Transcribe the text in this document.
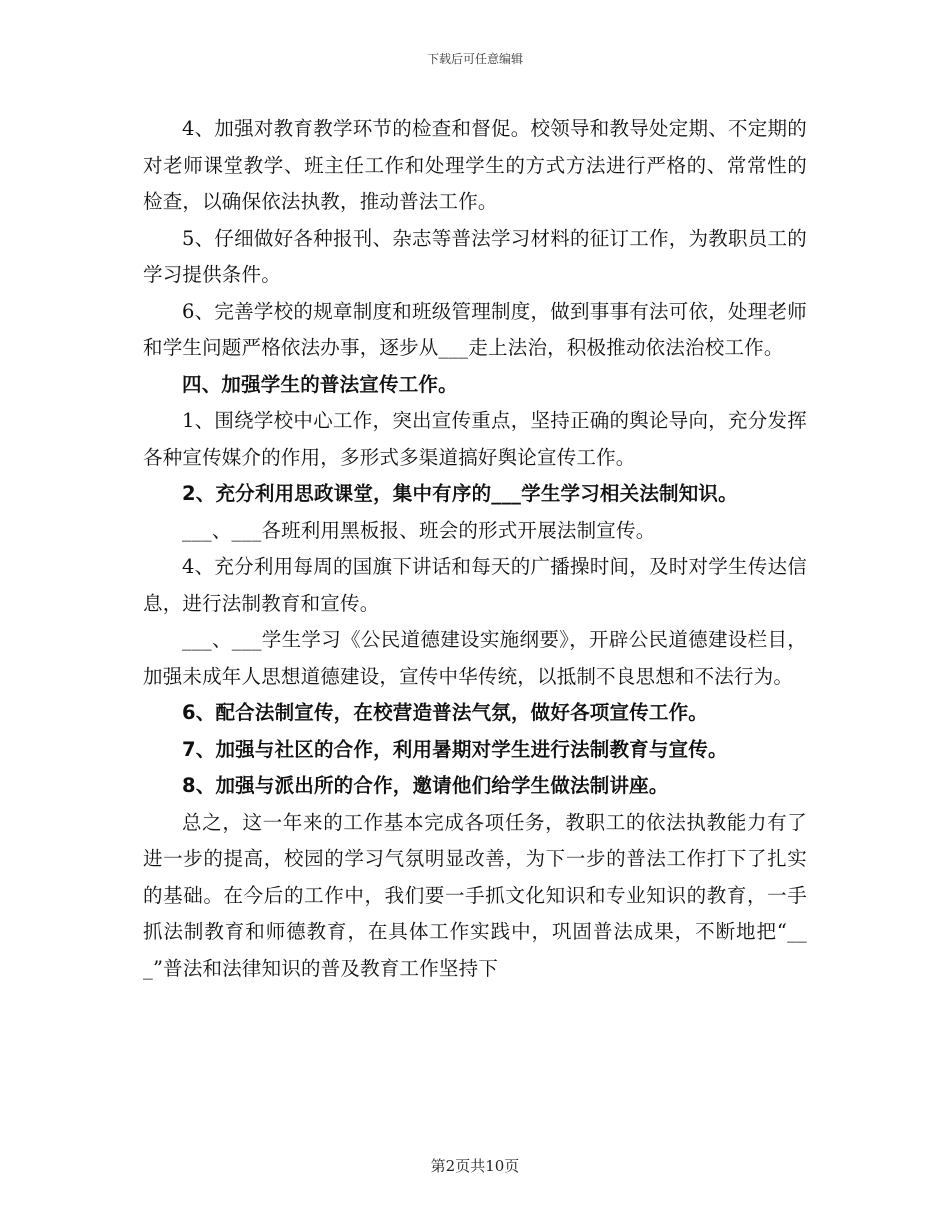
下载后可任意编辑

4、加强对教育教学环节的检查和督促。校领导和教导处定期、不定期的对老师课堂教学、班主任工作和处理学生的方式方法进行严格的、常常性的检查，以确保依法执教，推动普法工作。

5、仔细做好各种报刊、杂志等普法学习材料的征订工作，为教职员工的学习提供条件。

6、完善学校的规章制度和班级管理制度，做到事事有法可依，处理老师和学生问题严格依法办事，逐步从___走上法治，积极推动依法治校工作。

四、加强学生的普法宣传工作。

1、围绕学校中心工作，突出宣传重点，坚持正确的舆论导向，充分发挥各种宣传媒介的作用，多形式多渠道搞好舆论宣传工作。

2、充分利用思政课堂，集中有序的___学生学习相关法制知识。

___、___各班利用黑板报、班会的形式开展法制宣传。

4、充分利用每周的国旗下讲话和每天的广播操时间，及时对学生传达信息，进行法制教育和宣传。

___、___学生学习《公民道德建设实施纲要》，开辟公民道德建设栏目，加强未成年人思想道德建设，宣传中华传统，以抵制不良思想和不法行为。

6、配合法制宣传，在校营造普法气氛，做好各项宣传工作。

7、加强与社区的合作，利用暑期对学生进行法制教育与宣传。

8、加强与派出所的合作，邀请他们给学生做法制讲座。

总之，这一年来的工作基本完成各项任务，教职工的依法执教能力有了进一步的提高，校园的学习气氛明显改善，为下一步的普法工作打下了扎实的基础。在今后的工作中，我们要一手抓文化知识和专业知识的教育，一手抓法制教育和师德教育，在具体工作实践中，巩固普法成果，不断地把“___”普法和法律知识的普及教育工作坚持下

第2页共10页
